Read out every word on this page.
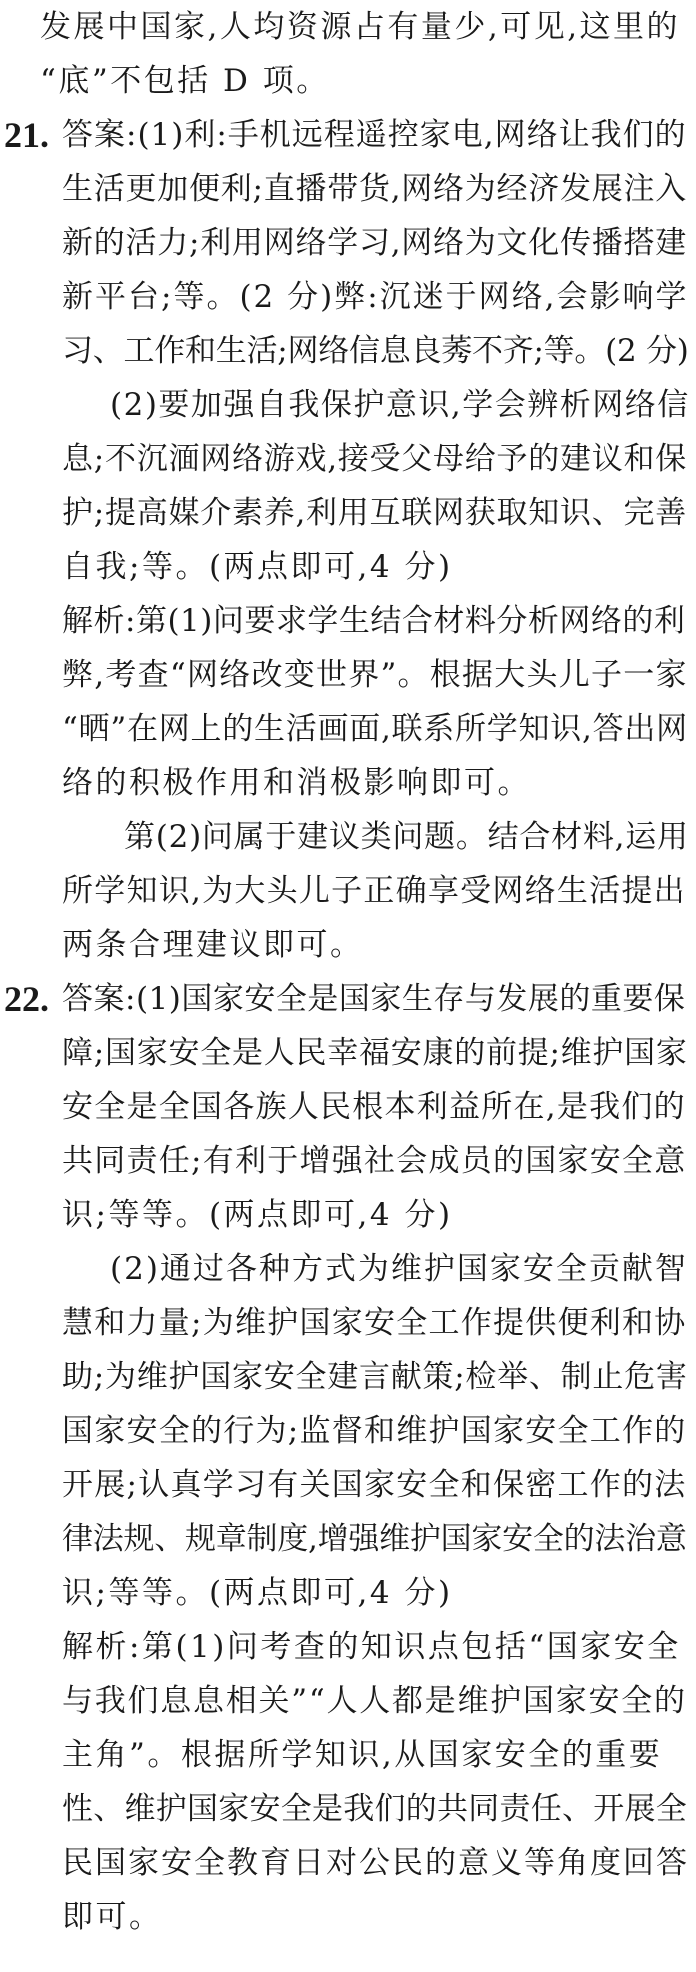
发展中国家,人均资源占有量少,可见,这里的
“底”不包括 D 项。
21. 答案:(1)利:手机远程遥控家电,网络让我们的
生活更加便利;直播带货,网络为经济发展注入
新的活力;利用网络学习,网络为文化传播搭建
新平台;等。(2 分)弊:沉迷于网络,会影响学
习、工作和生活;网络信息良莠不齐;等。(2 分)
(2)要加强自我保护意识,学会辨析网络信
息;不沉湎网络游戏,接受父母给予的建议和保
护;提高媒介素养,利用互联网获取知识、完善
自我;等。(两点即可,4 分)
解析:第(1)问要求学生结合材料分析网络的利
弊,考查“网络改变世界”。根据大头儿子一家
“晒”在网上的生活画面,联系所学知识,答出网
络的积极作用和消极影响即可。
第(2)问属于建议类问题。结合材料,运用
所学知识,为大头儿子正确享受网络生活提出
两条合理建议即可。
22. 答案:(1)国家安全是国家生存与发展的重要保
障;国家安全是人民幸福安康的前提;维护国家
安全是全国各族人民根本利益所在,是我们的
共同责任;有利于增强社会成员的国家安全意
识;等等。(两点即可,4 分)
(2)通过各种方式为维护国家安全贡献智
慧和力量;为维护国家安全工作提供便利和协
助;为维护国家安全建言献策;检举、制止危害
国家安全的行为;监督和维护国家安全工作的
开展;认真学习有关国家安全和保密工作的法
律法规、规章制度,增强维护国家安全的法治意
识;等等。(两点即可,4 分)
解析:第(1)问考查的知识点包括“国家安全
与我们息息相关”“人人都是维护国家安全的
主角”。根据所学知识,从国家安全的重要
性、维护国家安全是我们的共同责任、开展全
民国家安全教育日对公民的意义等角度回答
即可。
